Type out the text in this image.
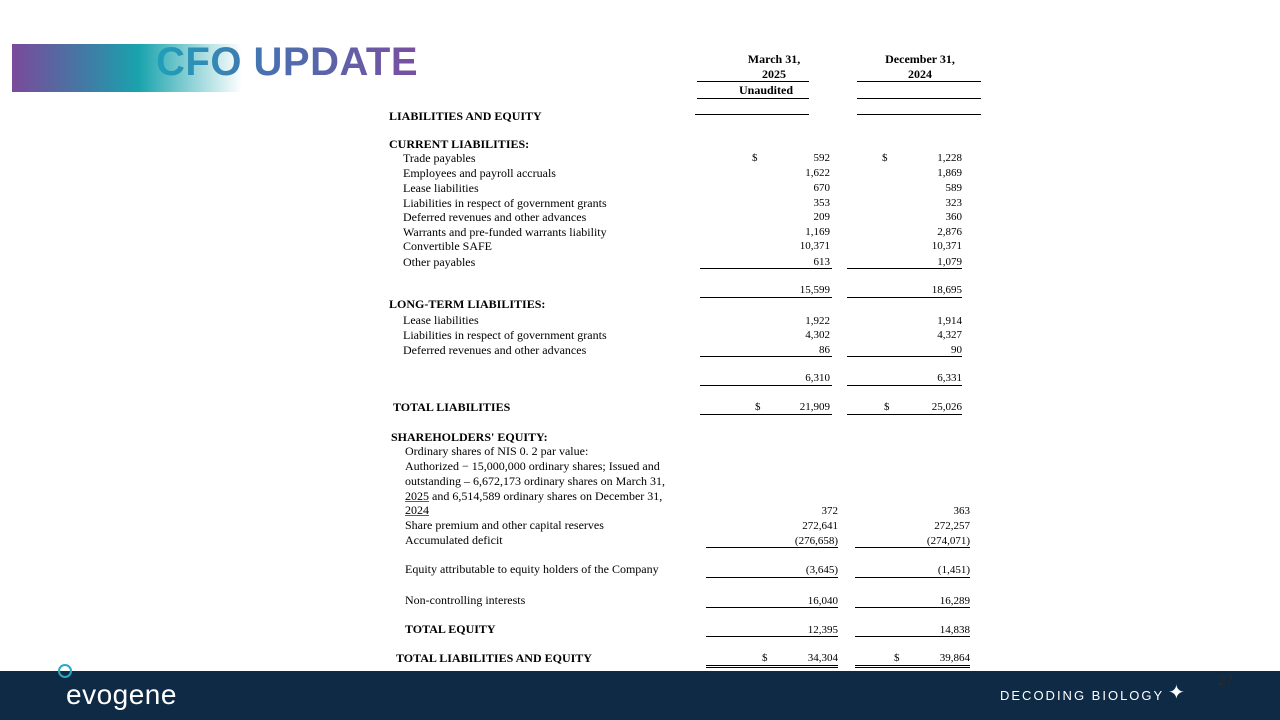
CFO UPDATE	March 31,
2025
Unaudited
December 31,
2024
LIABILITIES AND EQUITY
CURRENT LIABILITIES:
Trade payables	$	592	$	1,228
Employees and payroll accruals	1,622	1,869
Lease liabilities	670	589
Liabilities in respect of government grants	353	323
Deferred revenues and other advances	209	360
Warrants and pre-funded warrants liability	1,169	2,876
Convertible SAFE	10,371	10,371
Other payables	613	1,079
15,599	18,695
LONG-TERM LIABILITIES:
Lease liabilities	1,922	1,914
Liabilities in respect of government grants	4,302	4,327
Deferred revenues and other advances	86	90
6,310	6,331
TOTAL LIABILITIES	$	21,909	$	25,026
SHAREHOLDERS' EQUITY:
Ordinary shares of NIS 0. 2 par value:
Authorized − 15,000,000 ordinary shares; Issued and
outstanding – 6,672,173 ordinary shares on March 31,
2025 and 6,514,589 ordinary shares on December 31,
2024	372	363
Share premium and other capital reserves	272,641	272,257
Accumulated deficit	(276,658)	(274,071)
Equity attributable to equity holders of the Company	(3,645)	(1,451)
Non-controlling interests	16,040	16,289
TOTAL EQUITY	12,395	14,838
TOTAL LIABILITIES AND EQUITY	$	34,304	$	39,864
evogene	DECODING BIOLOGY ✦
27
